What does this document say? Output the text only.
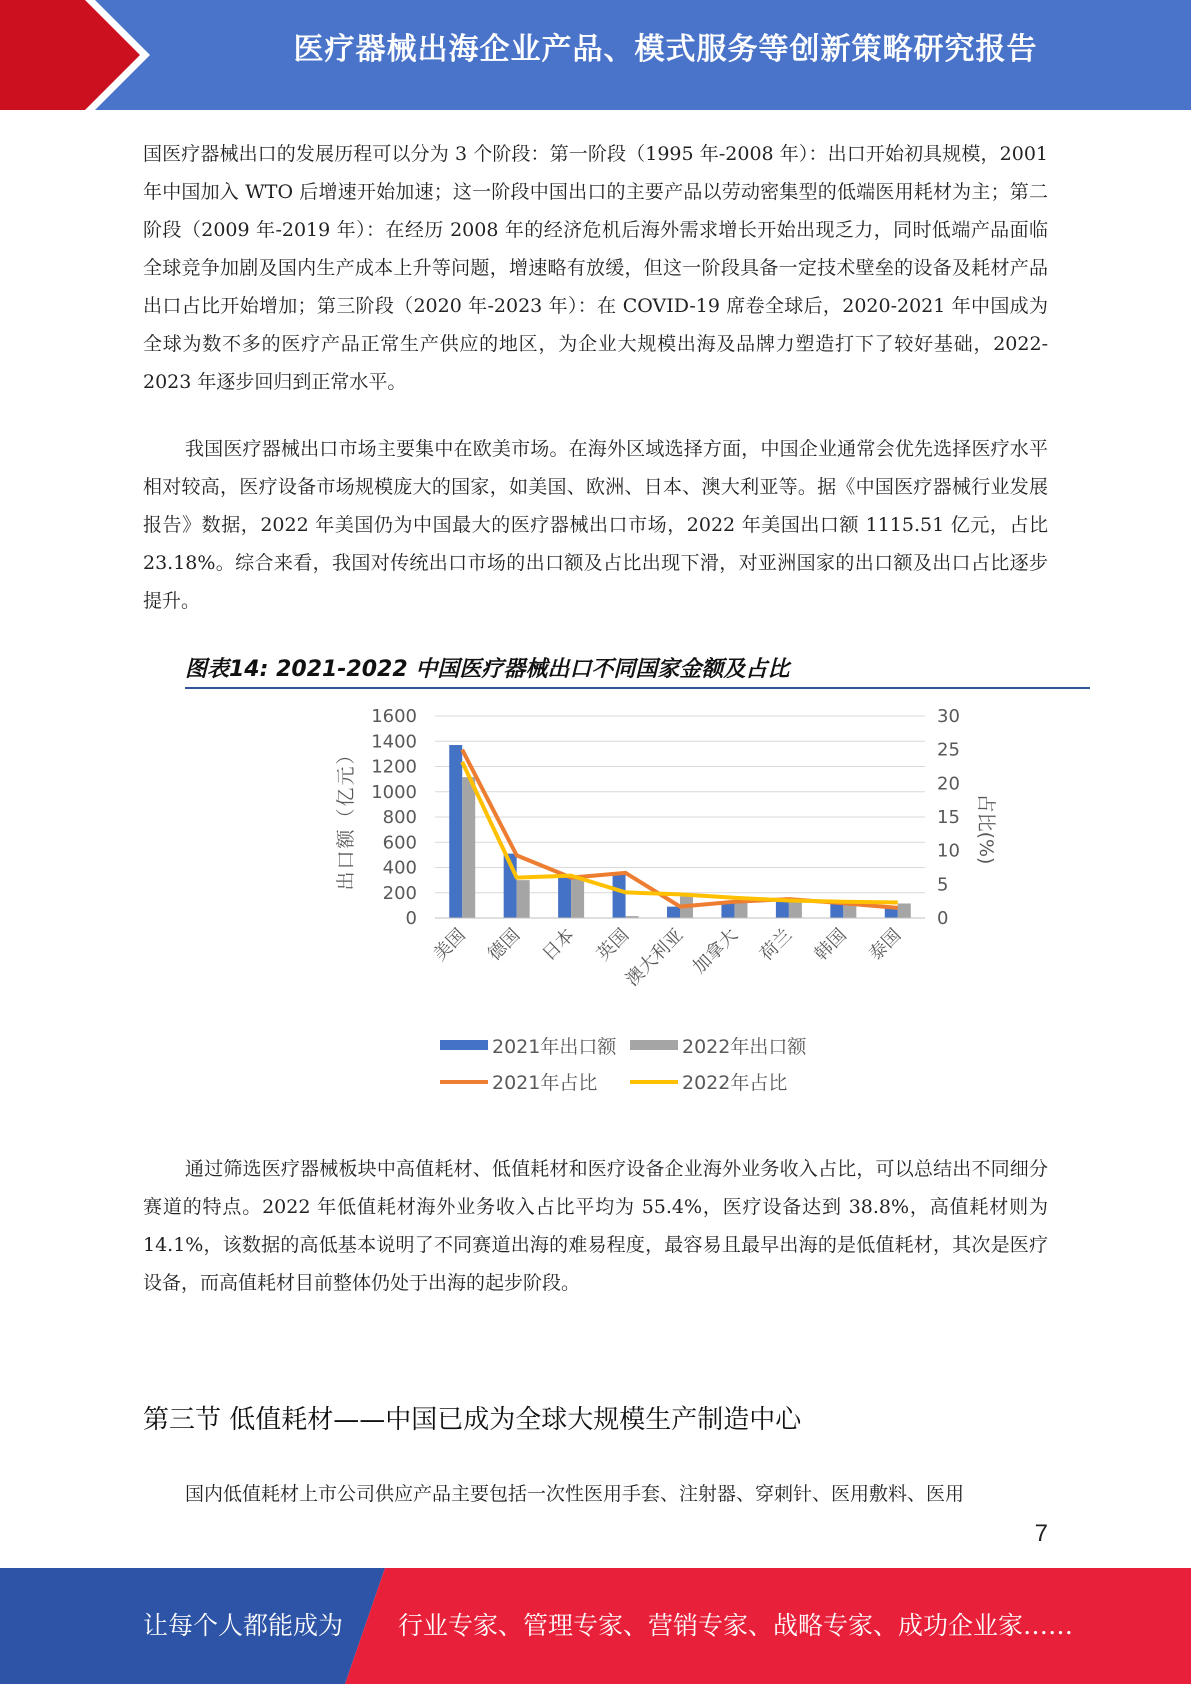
医疗器械出海企业产品、模式服务等创新策略研究报告

国医疗器械出口的发展历程可以分为 3 个阶段：第一阶段（1995 年-2008 年）：出口开始初具规模，2001 年中国加入 WTO 后增速开始加速；这一阶段中国出口的主要产品以劳动密集型的低端医用耗材为主；第二阶段（2009 年-2019 年）：在经历 2008 年的经济危机后海外需求增长开始出现乏力，同时低端产品面临全球竞争加剧及国内生产成本上升等问题，增速略有放缓，但这一阶段具备一定技术壁垒的设备及耗材产品出口占比开始增加；第三阶段（2020 年-2023 年）：在 COVID-19 席卷全球后，2020-2021 年中国成为全球为数不多的医疗产品正常生产供应的地区，为企业大规模出海及品牌力塑造打下了较好基础，2022-2023 年逐步回归到正常水平。

我国医疗器械出口市场主要集中在欧美市场。在海外区域选择方面，中国企业通常会优先选择医疗水平相对较高，医疗设备市场规模庞大的国家，如美国、欧洲、日本、澳大利亚等。据《中国医疗器械行业发展报告》数据，2022 年美国仍为中国最大的医疗器械出口市场，2022 年美国出口额 1115.51 亿元，占比 23.18%。综合来看，我国对传统出口市场的出口额及占比出现下滑，对亚洲国家的出口额及出口占比逐步提升。

图表14: 2021-2022 中国医疗器械出口不同国家金额及占比
0
200
400
600
800
1000
1200
1400
1600
0
5
10
15
20
25
30
出口额（亿元）	占比(%)
美国 德国 日本 英国
澳大利亚 加拿大 荷兰 韩国 泰国
2021年出口额	2022年出口额
2021年占比	2022年占比

通过筛选医疗器械板块中高值耗材、低值耗材和医疗设备企业海外业务收入占比，可以总结出不同细分赛道的特点。2022 年低值耗材海外业务收入占比平均为 55.4%，医疗设备达到 38.8%，高值耗材则为 14.1%，该数据的高低基本说明了不同赛道出海的难易程度，最容易且最早出海的是低值耗材，其次是医疗设备，而高值耗材目前整体仍处于出海的起步阶段。

第三节 低值耗材——中国已成为全球大规模生产制造中心

国内低值耗材上市公司供应产品主要包括一次性医用手套、注射器、穿刺针、医用敷料、医用

7
让每个人都能成为 行业专家、管理专家、营销专家、战略专家、成功企业家……
